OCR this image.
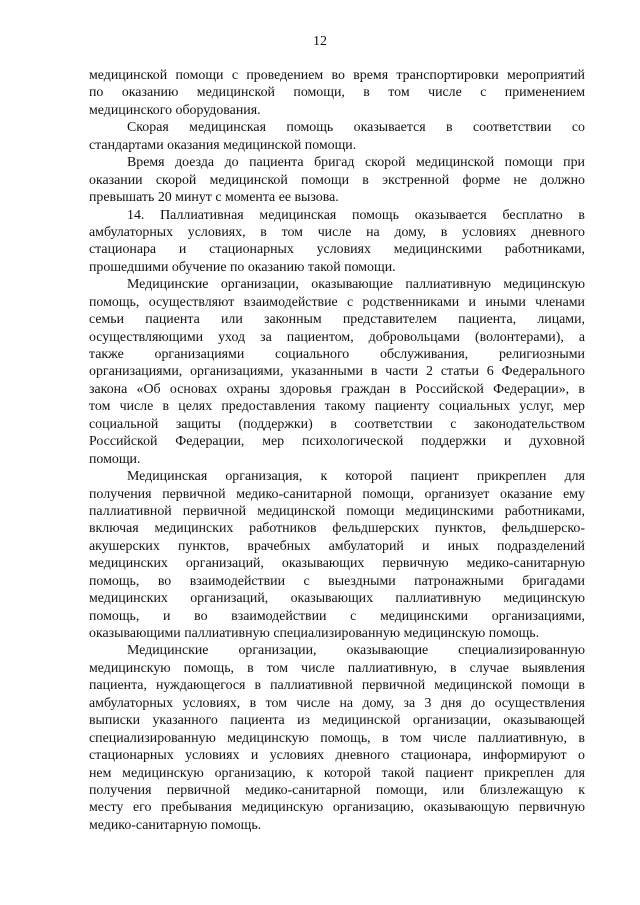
12
медицинской помощи с проведением во время транспортировки мероприятий
по оказанию медицинской помощи, в том числе с применением
медицинского оборудования.
Скорая медицинская помощь оказывается в соответствии со
стандартами оказания медицинской помощи.
Время доезда до пациента бригад скорой медицинской помощи при
оказании скорой медицинской помощи в экстренной форме не должно
превышать 20 минут с момента ее вызова.
14. Паллиативная медицинская помощь оказывается бесплатно в
амбулаторных условиях, в том числе на дому, в условиях дневного
стационара и стационарных условиях медицинскими работниками,
прошедшими обучение по оказанию такой помощи.
Медицинские организации, оказывающие паллиативную медицинскую
помощь, осуществляют взаимодействие с родственниками и иными членами
семьи пациента или законным представителем пациента, лицами,
осуществляющими уход за пациентом, добровольцами (волонтерами), а
также организациями социального обслуживания, религиозными
организациями, организациями, указанными в части 2 статьи 6 Федерального
закона «Об основах охраны здоровья граждан в Российской Федерации», в
том числе в целях предоставления такому пациенту социальных услуг, мер
социальной защиты (поддержки) в соответствии с законодательством
Российской Федерации, мер психологической поддержки и духовной
помощи.
Медицинская организация, к которой пациент прикреплен для
получения первичной медико-санитарной помощи, организует оказание ему
паллиативной первичной медицинской помощи медицинскими работниками,
включая медицинских работников фельдшерских пунктов, фельдшерско-
акушерских пунктов, врачебных амбулаторий и иных подразделений
медицинских организаций, оказывающих первичную медико-санитарную
помощь, во взаимодействии с выездными патронажными бригадами
медицинских организаций, оказывающих паллиативную медицинскую
помощь, и во взаимодействии с медицинскими организациями,
оказывающими паллиативную специализированную медицинскую помощь.
Медицинские организации, оказывающие специализированную
медицинскую помощь, в том числе паллиативную, в случае выявления
пациента, нуждающегося в паллиативной первичной медицинской помощи в
амбулаторных условиях, в том числе на дому, за 3 дня до осуществления
выписки указанного пациента из медицинской организации, оказывающей
специализированную медицинскую помощь, в том числе паллиативную, в
стационарных условиях и условиях дневного стационара, информируют о
нем медицинскую организацию, к которой такой пациент прикреплен для
получения первичной медико-санитарной помощи, или близлежащую к
месту его пребывания медицинскую организацию, оказывающую первичную
медико-санитарную помощь.
